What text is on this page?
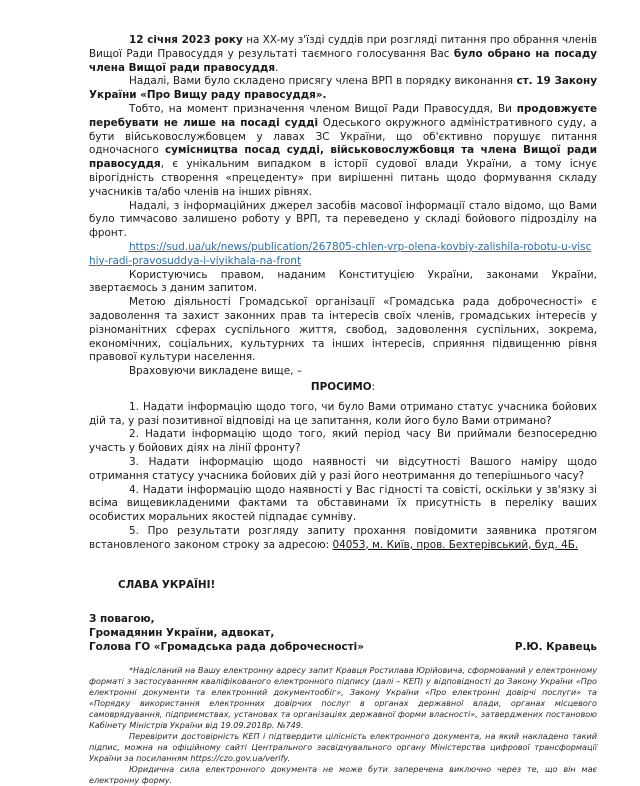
12 січня 2023 року на XX-му з'їзді суддів при розгляді питання про обрання членів Вищої Ради Правосуддя у результаті таємного голосування Вас було обрано на посаду члена Вищої ради правосуддя.

Надалі, Вами було складено присягу члена ВРП в порядку виконання ст. 19 Закону України «Про Вищу раду правосуддя».

Тобто, на момент призначення членом Вищої Ради Правосуддя, Ви продовжуєте перебувати не лише на посаді судді Одеського окружного адміністративного суду, а бути військовослужбовцем у лавах ЗС України, що об'єктивно порушує питання одночасного сумісництва посад судді, військовослужбовця та члена Вищої ради правосуддя, є унікальним випадком в історії судової влади України, а тому існує вірогідність створення «прецеденту» при вирішенні питань щодо формування складу учасників та/або членів на інших рівнях.

Надалі, з інформаційних джерел засобів масової інформації стало відомо, що Вами було тимчасово залишено роботу у ВРП, та переведено у складі бойового підрозділу на фронт.

https://sud.ua/uk/news/publication/267805-chlen-vrp-olena-kovbiy-zalishila-robotu-u-vischiy-radi-pravosuddya-i-viyikhala-na-front

Користуючись правом, наданим Конституцією України, законами України, звертаємось з даним запитом.

Метою діяльності Громадської організації «Громадська рада доброчесності» є задоволення та захист законних прав та інтересів своїх членів, громадських інтересів у різноманітних сферах суспільного життя, свобод, задоволення суспільних, зокрема, економічних, соціальних, культурних та інших інтересів, сприяння підвищенню рівня правової культури населення.

Враховуючи викладене вище, –

ПРОСИМО:

1. Надати інформацію щодо того, чи було Вами отримано статус учасника бойових дій та, у разі позитивної відповіді на це запитання, коли його було Вами отримано?

2. Надати інформацію щодо того, який період часу Ви приймали безпосередню участь у бойових діях на лінії фронту?

3. Надати інформацію щодо наявності чи відсутності Вашого наміру щодо отримання статусу учасника бойових дій у разі його неотримання до теперішнього часу?

4. Надати інформацію щодо наявності у Вас гідності та совісті, оскільки у зв'язку зі всіма вищевикладеними фактами та обставинами їх присутність в переліку ваших особистих моральних якостей підпадає сумніву.

5. Про результати розгляду запиту прохання повідомити заявника протягом встановленого законом строку за адресою: 04053, м. Київ, пров. Бехтерівський, буд. 4Б.

СЛАВА УКРАЇНІ!
З повагою,
Громадянин України, адвокат,
Голова ГО «Громадська рада доброчесності»	Р.Ю. Кравець

*Надісланий на Вашу електронну адресу запит Кравця Ростилава Юрійовича, сформований у електронному форматі з застосуванням кваліфікованого електронного підпису (далі – КЕП) у відповідності до Закону України «Про електронні документи та електронний документообіг», Закону України «Про електронні довірчі послуги» та «Порядку використання електронних довірчих послуг в органах державної влади, органах місцевого самоврядування, підприємствах, установах та організаціях державної форми власності», затверджених постановою Кабінету Міністрів України від 19.09.2018р. №749.

Перевірити достовірність КЕП і підтвердити цілісність електронного документа, на який накладено такий підпис, можна на офіційному сайті Центрального засвідчувального органу Міністерства цифрової трансформації України за посиланням https://czo.gov.ua/verify.

Юридична сила електронного документа не може бути заперечена виключно через те, що він має електронну форму.
